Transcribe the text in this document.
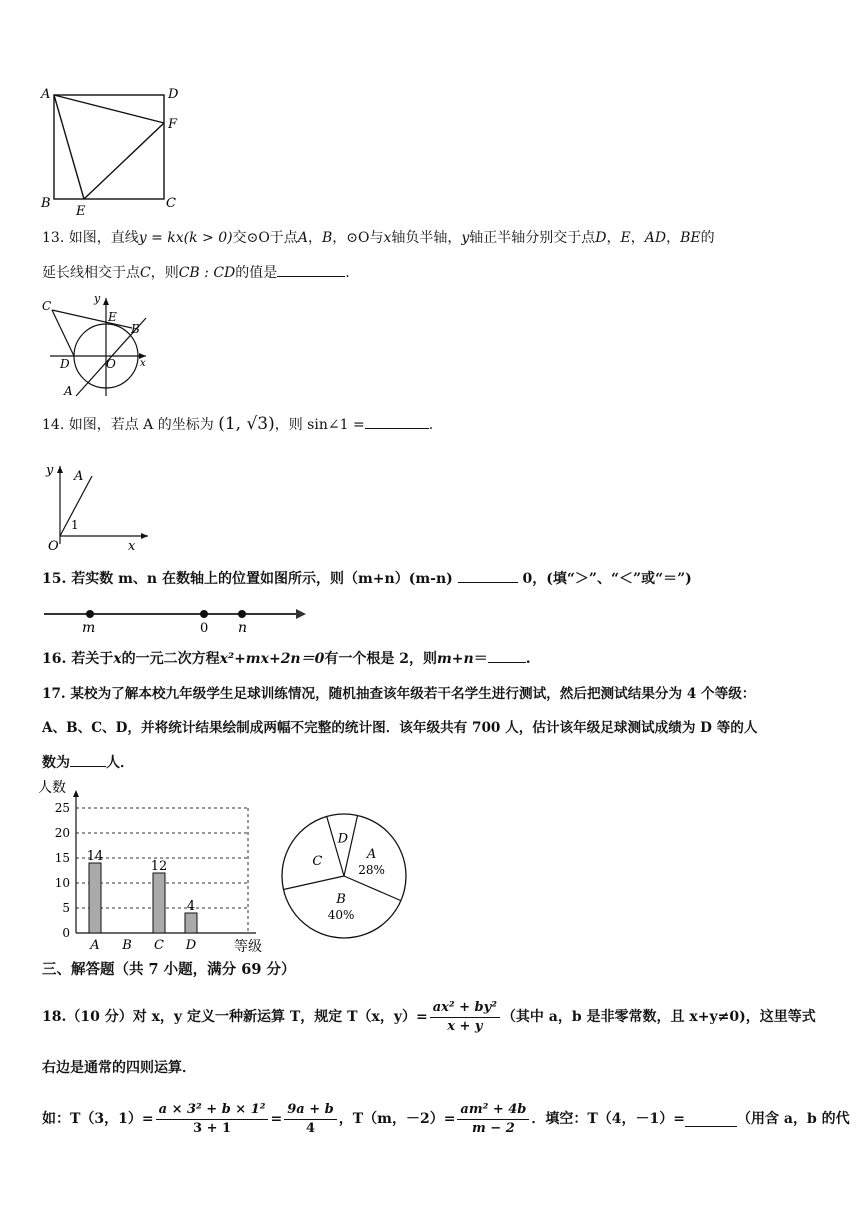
A	D
F
B
E
C
13. 如图，直线y = kx(k > 0)交⊙O于点A，B，⊙O与x轴负半轴，y轴正半轴分别交于点D，E，AD，BE的
延长线相交于点C，则CB : CD的值是	.
C
y
E
B
D	O x
A
14. 如图，若点 A 的坐标为 (1, √3)，则 sin∠1 =	.
y A
1
O	x
15. 若实数 m、n 在数轴上的位置如图所示，则（m+n）(m-n)	0，(填“＞”、“＜”或“＝”)
m	0 n
16. 若关于x的一元二次方程x²+mx+2n＝0有一个根是 2，则m+n＝	.
17. 某校为了解本校九年级学生足球训练情况，随机抽查该年级若干名学生进行测试，然后把测试结果分为 4 个等级：
A、B、C、D，并将统计结果绘制成两幅不完整的统计图．该年级共有 700 人，估计该年级足球测试成绩为 D 等的人
数为	人．
人数
0
5
10
15
20
25
等级
14
A B
12
C
4
D
A
28%
B
40%
C
D
三、解答题（共 7 小题，满分 69 分）
18.（10 分）对 x，y 定义一种新运算 T，规定 T（x，$y)= \frac{\text{ax² + by²}}{x + y}$ （其中 a，b 是非零常数，且 x+y≠0)，这里等式
右边是通常的四则运算．
如：T（3，$1)= \frac{\text{a × 3² + b × 1²}}{3 + 1} = \frac{9a + b}{4}$ ，T（m，$-2)= \frac{\text{am² + 4b}}{m - 2}$ ．填空：T（4，－1）=	（用含 a，b 的代
